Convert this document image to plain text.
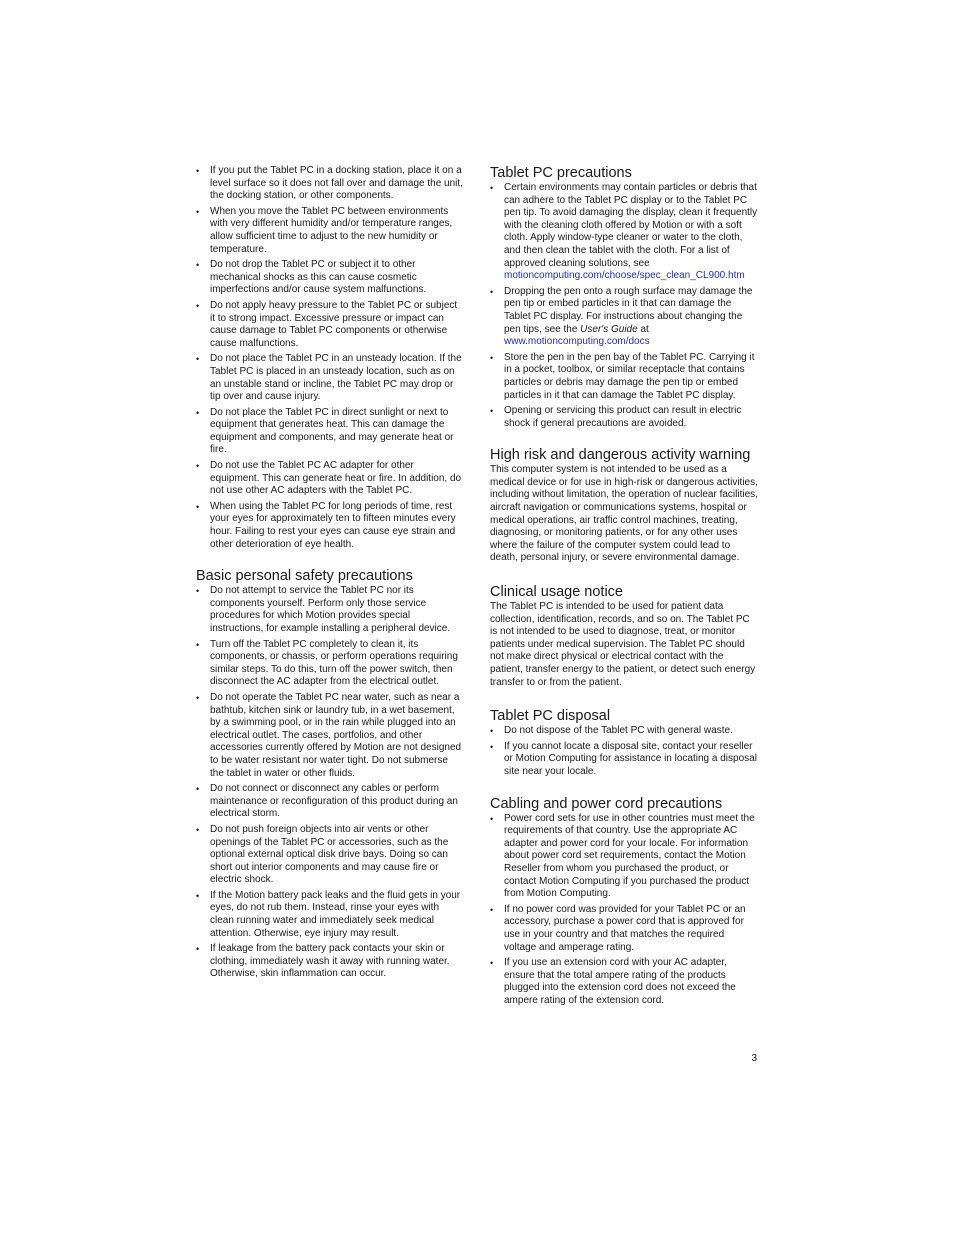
• If you put the Tablet PC in a docking station, place it on a level surface so it does not fall over and damage the unit, the docking station, or other components.
• When you move the Tablet PC between environments with very different humidity and/or temperature ranges, allow sufficient time to adjust to the new humidity or temperature.
• Do not drop the Tablet PC or subject it to other mechanical shocks as this can cause cosmetic imperfections and/or cause system malfunctions.
• Do not apply heavy pressure to the Tablet PC or subject it to strong impact. Excessive pressure or impact can cause damage to Tablet PC components or otherwise cause malfunctions.
• Do not place the Tablet PC in an unsteady location. If the Tablet PC is placed in an unsteady location, such as on an unstable stand or incline, the Tablet PC may drop or tip over and cause injury.
• Do not place the Tablet PC in direct sunlight or next to equipment that generates heat. This can damage the equipment and components, and may generate heat or fire.
• Do not use the Tablet PC AC adapter for other equipment. This can generate heat or fire. In addition, do not use other AC adapters with the Tablet PC.
• When using the Tablet PC for long periods of time, rest your eyes for approximately ten to fifteen minutes every hour. Failing to rest your eyes can cause eye strain and other deterioration of eye health.
Basic personal safety precautions
• Do not attempt to service the Tablet PC nor its components yourself. Perform only those service procedures for which Motion provides special instructions, for example installing a peripheral device.
• Turn off the Tablet PC completely to clean it, its components, or chassis, or perform operations requiring similar steps. To do this, turn off the power switch, then disconnect the AC adapter from the electrical outlet.
• Do not operate the Tablet PC near water, such as near a bathtub, kitchen sink or laundry tub, in a wet basement, by a swimming pool, or in the rain while plugged into an electrical outlet. The cases, portfolios, and other accessories currently offered by Motion are not designed to be water resistant nor water tight. Do not submerse the tablet in water or other fluids.
• Do not connect or disconnect any cables or perform maintenance or reconfiguration of this product during an electrical storm.
• Do not push foreign objects into air vents or other openings of the Tablet PC or accessories, such as the optional external optical disk drive bays. Doing so can short out interior components and may cause fire or electric shock.
• If the Motion battery pack leaks and the fluid gets in your eyes, do not rub them. Instead, rinse your eyes with clean running water and immediately seek medical attention. Otherwise, eye injury may result.
• If leakage from the battery pack contacts your skin or clothing, immediately wash it away with running water. Otherwise, skin inflammation can occur.
Tablet PC precautions
• Certain environments may contain particles or debris that can adhere to the Tablet PC display or to the Tablet PC pen tip. To avoid damaging the display, clean it frequently with the cleaning cloth offered by Motion or with a soft cloth. Apply window-type cleaner or water to the cloth, and then clean the tablet with the cloth. For a list of approved cleaning solutions, see motioncomputing.com/choose/spec_clean_CL900.htm
• Dropping the pen onto a rough surface may damage the pen tip or embed particles in it that can damage the Tablet PC display. For instructions about changing the pen tips, see the User's Guide at
www.motioncomputing.com/docs
• Store the pen in the pen bay of the Tablet PC. Carrying it in a pocket, toolbox, or similar receptacle that contains particles or debris may damage the pen tip or embed particles in it that can damage the Tablet PC display.
• Opening or servicing this product can result in electric shock if general precautions are avoided.
High risk and dangerous activity warning

This computer system is not intended to be used as a medical device or for use in high-risk or dangerous activities, including without limitation, the operation of nuclear facilities, aircraft navigation or communications systems, hospital or medical operations, air traffic control machines, treating, diagnosing, or monitoring patients, or for any other uses where the failure of the computer system could lead to death, personal injury, or severe environmental damage.

Clinical usage notice

The Tablet PC is intended to be used for patient data collection, identification, records, and so on. The Tablet PC is not intended to be used to diagnose, treat, or monitor patients under medical supervision. The Tablet PC should not make direct physical or electrical contact with the patient, transfer energy to the patient, or detect such energy transfer to or from the patient.

Tablet PC disposal
• Do not dispose of the Tablet PC with general waste.
• If you cannot locate a disposal site, contact your reseller or Motion Computing for assistance in locating a disposal site near your locale.
Cabling and power cord precautions
• Power cord sets for use in other countries must meet the requirements of that country. Use the appropriate AC adapter and power cord for your locale. For information about power cord set requirements, contact the Motion Reseller from whom you purchased the product, or contact Motion Computing if you purchased the product from Motion Computing.
• If no power cord was provided for your Tablet PC or an accessory, purchase a power cord that is approved for use in your country and that matches the required voltage and amperage rating.
• If you use an extension cord with your AC adapter, ensure that the total ampere rating of the products plugged into the extension cord does not exceed the ampere rating of the extension cord.
3
